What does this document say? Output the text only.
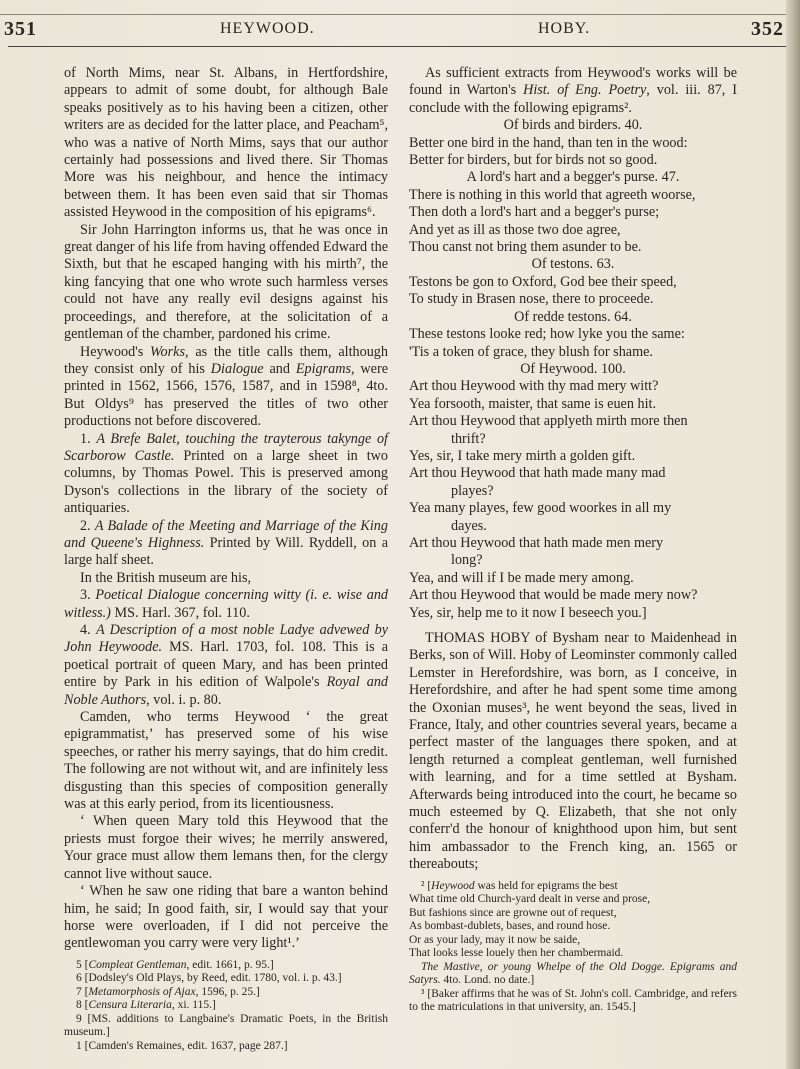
351	HEYWOOD.	HOBY.	352

of North Mims, near St. Albans, in Hertfordshire, appears to admit of some doubt, for although Bale speaks positively as to his having been a citizen, other writers are as decided for the latter place, and Peacham⁵, who was a native of North Mims, says that our author certainly had possessions and lived there. Sir Thomas More was his neighbour, and hence the intimacy between them. It has been even said that sir Thomas assisted Heywood in the composition of his epigrams⁶.

Sir John Harrington informs us, that he was once in great danger of his life from having offended Edward the Sixth, but that he escaped hanging with his mirth⁷, the king fancying that one who wrote such harmless verses could not have any really evil designs against his proceedings, and therefore, at the solicitation of a gentleman of the chamber, pardoned his crime.

Heywood's Works, as the title calls them, although they consist only of his Dialogue and Epigrams, were printed in 1562, 1566, 1576, 1587, and in 1598⁸, 4to. But Oldys⁹ has preserved the titles of two other productions not before discovered.

1. A Brefe Balet, touching the trayterous takynge of Scarborow Castle. Printed on a large sheet in two columns, by Thomas Powel. This is preserved among Dyson's collections in the library of the society of antiquaries.

2. A Balade of the Meeting and Marriage of the King and Queene's Highness. Printed by Will. Ryddell, on a large half sheet.

In the British museum are his,

3. Poetical Dialogue concerning witty (i. e. wise and witless.) MS. Harl. 367, fol. 110.

4. A Description of a most noble Ladye advewed by John Heywoode. MS. Harl. 1703, fol. 108. This is a poetical portrait of queen Mary, and has been printed entire by Park in his edition of Walpole's Royal and Noble Authors, vol. i. p. 80.

Camden, who terms Heywood ‘ the great epigrammatist,’ has preserved some of his wise speeches, or rather his merry sayings, that do him credit. The following are not without wit, and are infinitely less disgusting than this species of composition generally was at this early period, from its licentiousness.

‘ When queen Mary told this Heywood that the priests must forgoe their wives; he merrily answered, Your grace must allow them lemans then, for the clergy cannot live without sauce.

‘ When he saw one riding that bare a wanton behind him, he said; In good faith, sir, I would say that your horse were overloaden, if I did not perceive the gentlewoman you carry were very light¹.’

5 [Compleat Gentleman, edit. 1661, p. 95.]

6 [Dodsley's Old Plays, by Reed, edit. 1780, vol. i. p. 43.]

7 [Metamorphosis of Ajax, 1596, p. 25.]

8 [Censura Literaria, xi. 115.]

9 [MS. additions to Langbaine's Dramatic Poets, in the British museum.]

1 [Camden's Remaines, edit. 1637, page 287.]

As sufficient extracts from Heywood's works will be found in Warton's Hist. of Eng. Poetry, vol. iii. 87, I conclude with the following epigrams².

Of birds and birders. 40.

Better one bird in the hand, than ten in the wood:
Better for birders, but for birds not so good.

A lord's hart and a begger's purse. 47.

There is nothing in this world that agreeth woorse,
Then doth a lord's hart and a begger's purse;
And yet as ill as those two doe agree,
Thou canst not bring them asunder to be.

Of testons. 63.

Testons be gon to Oxford, God bee their speed,
To study in Brasen nose, there to proceede.

Of redde testons. 64.

These testons looke red; how lyke you the same:
'Tis a token of grace, they blush for shame.

Of Heywood. 100.

Art thou Heywood with thy mad mery witt?
Yea forsooth, maister, that same is euen hit.
Art thou Heywood that applyeth mirth more then
thrift?
Yes, sir, I take mery mirth a golden gift.
Art thou Heywood that hath made many mad
playes?
Yea many playes, few good woorkes in all my
dayes.
Art thou Heywood that hath made men mery
long?
Yea, and will if I be made mery among.
Art thou Heywood that would be made mery now?
Yes, sir, help me to it now I beseech you.]

THOMAS HOBY of Bysham near to Maidenhead in Berks, son of Will. Hoby of Leominster commonly called Lemster in Herefordshire, was born, as I conceive, in Herefordshire, and after he had spent some time among the Oxonian muses³, he went beyond the seas, lived in France, Italy, and other countries several years, became a perfect master of the languages there spoken, and at length returned a compleat gentleman, well furnished with learning, and for a time settled at Bysham. Afterwards being introduced into the court, he became so much esteemed by Q. Elizabeth, that she not only conferr'd the honour of knighthood upon him, but sent him ambassador to the French king, an. 1565 or thereabouts;

² [Heywood was held for epigrams the best

What time old Church-yard dealt in verse and prose,
But fashions since are growne out of request,
As bombast-dublets, bases, and round hose.
Or as your lady, may it now be saide,
That looks lesse louely then her chambermaid.

The Mastive, or young Whelpe of the Old Dogge. Epigrams and Satyrs. 4to. Lond. no date.]

³ [Baker affirms that he was of St. John's coll. Cambridge, and refers to the matriculations in that university, an. 1545.]
